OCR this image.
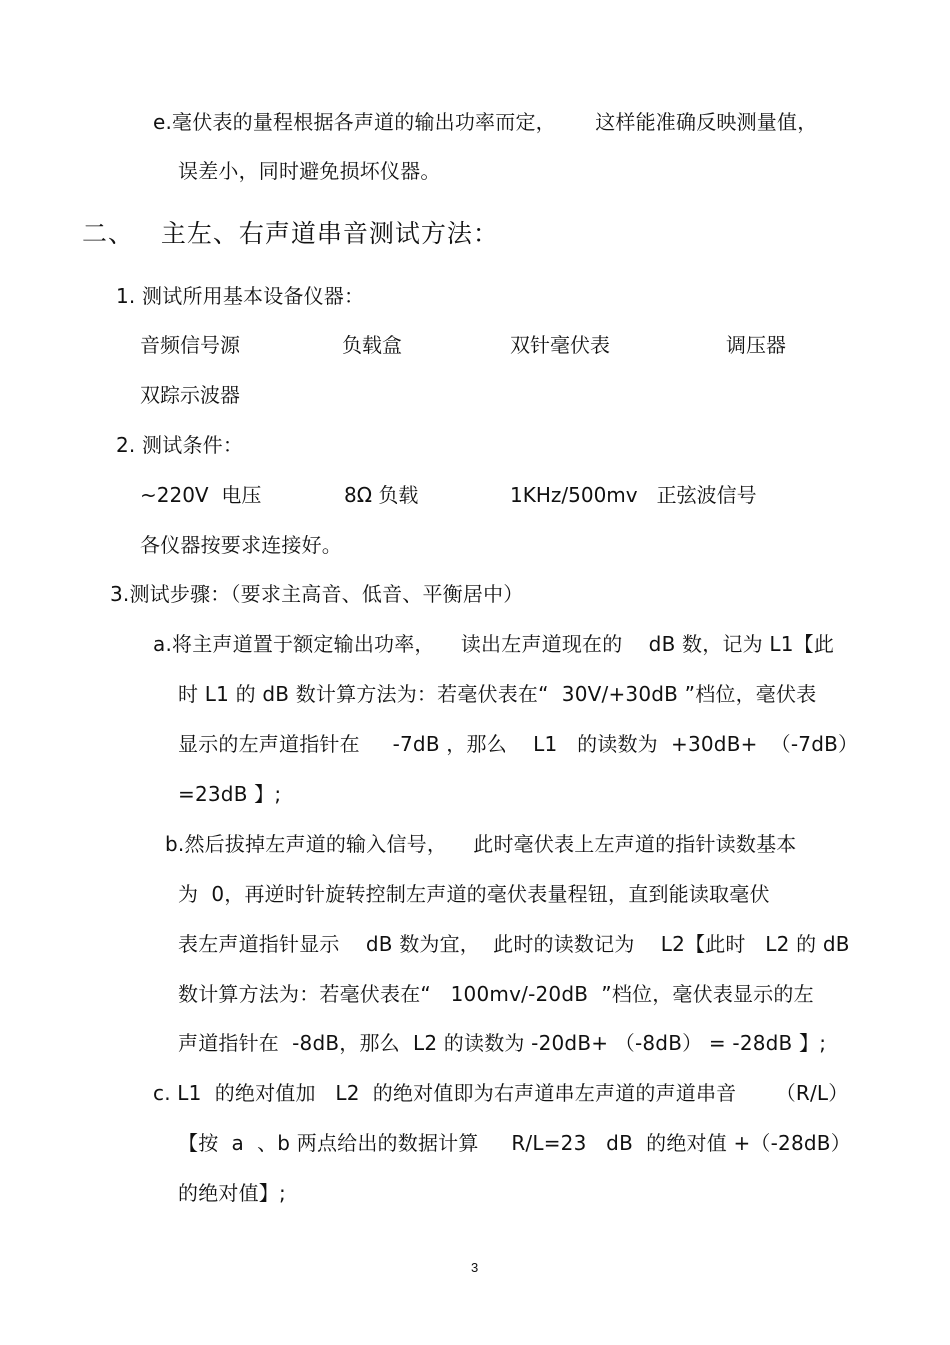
e.毫伏表的量程根据各声道的输出功率而定，      这样能准确反映测量值，
误差小，同时避免损坏仪器。
二、   主左、右声道串音测试方法：
1. 测试所用基本设备仪器：
音频信号源	负载盒	双针毫伏表	调压器
双踪示波器
2. 测试条件：
~220V  电压	8Ω 负载	1KHz/500mv   正弦波信号
各仪器按要求连接好。
3.测试步骤：（要求主高音、低音、平衡居中）
a.将主声道置于额定输出功率，    读出左声道现在的    dB 数，记为 L1【此
时 L1 的 dB 数计算方法为：若毫伏表在“  30V/+30dB ”档位，毫伏表
显示的左声道指针在     -7dB ，那么    L1   的读数为  +30dB+  （-7dB）
=23dB 】;
b.然后拔掉左声道的输入信号，    此时毫伏表上左声道的指针读数基本
为  0，再逆时针旋转控制左声道的毫伏表量程钮，直到能读取毫伏
表左声道指针显示    dB 数为宜，  此时的读数记为    L2【此时   L2 的 dB
数计算方法为：若毫伏表在“   100mv/-20dB  ”档位，毫伏表显示的左
声道指针在  -8dB，那么  L2 的读数为 -20dB+ （-8dB） = -28dB 】;
c. L1  的绝对值加   L2  的绝对值即为右声道串左声道的声道串音      （R/L）
【按  a  、b 两点给出的数据计算     R/L=23   dB  的绝对值 +（-28dB）
的绝对值】;
3
